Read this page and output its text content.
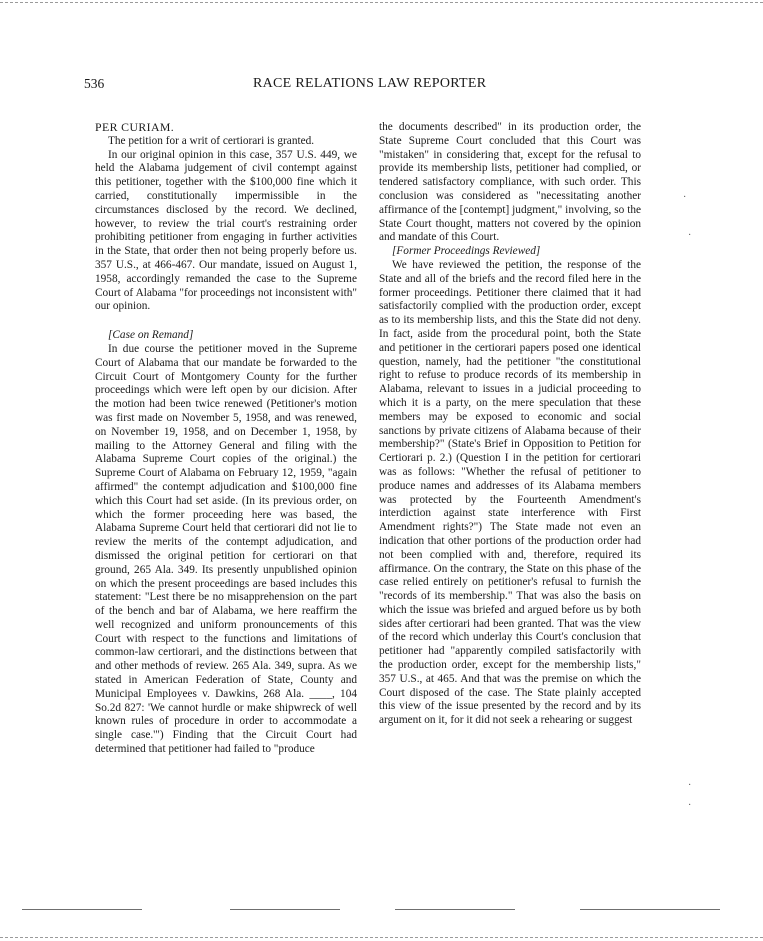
536	RACE RELATIONS LAW REPORTER

PER CURIAM.

The petition for a writ of certiorari is granted.

In our original opinion in this case, 357 U.S. 449, we held the Alabama judgement of civil contempt against this petitioner, together with the $100,000 fine which it carried, constitutionally impermissible in the circumstances disclosed by the record. We declined, however, to review the trial court's restraining order prohibiting petitioner from engaging in further activities in the State, that order then not being properly before us. 357 U.S., at 466-467. Our mandate, issued on August 1, 1958, accordingly remanded the case to the Supreme Court of Alabama "for proceedings not inconsistent with" our opinion.

[Case on Remand]

In due course the petitioner moved in the Supreme Court of Alabama that our mandate be forwarded to the Circuit Court of Montgomery County for the further proceedings which were left open by our dicision. After the motion had been twice renewed (Petitioner's motion was first made on November 5, 1958, and was renewed, on November 19, 1958, and on December 1, 1958, by mailing to the Attorney General and filing with the Alabama Supreme Court copies of the original.) the Supreme Court of Alabama on February 12, 1959, "again affirmed" the contempt adjudication and $100,000 fine which this Court had set aside. (In its previous order, on which the former proceeding here was based, the Alabama Supreme Court held that certiorari did not lie to review the merits of the contempt adjudication, and dismissed the original petition for certiorari on that ground, 265 Ala. 349. Its presently unpublished opinion on which the present proceedings are based includes this statement: "Lest there be no misapprehension on the part of the bench and bar of Alabama, we here reaffirm the well recognized and uniform pronouncements of this Court with respect to the functions and limitations of common-law certiorari, and the distinctions between that and other methods of review. 265 Ala. 349, supra. As we stated in American Federation of State, County and Municipal Employees v. Dawkins, 268 Ala. ____, 104 So.2d 827: 'We cannot hurdle or make shipwreck of well known rules of procedure in order to accommodate a single case.'") Finding that the Circuit Court had determined that petitioner had failed to "produce

the documents described" in its production order, the State Supreme Court concluded that this Court was "mistaken" in considering that, except for the refusal to provide its membership lists, petitioner had complied, or tendered satisfactory compliance, with such order. This conclusion was considered as "necessitating another affirmance of the [contempt] judgment," involving, so the State Court thought, matters not covered by the opinion and mandate of this Court.

[Former Proceedings Reviewed]

We have reviewed the petition, the response of the State and all of the briefs and the record filed here in the former proceedings. Petitioner there claimed that it had satisfactorily complied with the production order, except as to its membership lists, and this the State did not deny. In fact, aside from the procedural point, both the State and petitioner in the certiorari papers posed one identical question, namely, had the petitioner "the constitutional right to refuse to produce records of its membership in Alabama, relevant to issues in a judicial proceeding to which it is a party, on the mere speculation that these members may be exposed to economic and social sanctions by private citizens of Alabama because of their membership?" (State's Brief in Opposition to Petition for Certiorari p. 2.) (Question I in the petition for certiorari was as follows: "Whether the refusal of petitioner to produce names and addresses of its Alabama members was protected by the Fourteenth Amendment's interdiction against state interference with First Amendment rights?") The State made not even an indication that other portions of the production order had not been complied with and, therefore, required its affirmance. On the contrary, the State on this phase of the case relied entirely on petitioner's refusal to furnish the "records of its membership." That was also the basis on which the issue was briefed and argued before us by both sides after certiorari had been granted. That was the view of the record which underlay this Court's conclusion that petitioner had "apparently compiled satisfactorily with the production order, except for the membership lists," 357 U.S., at 465. And that was the premise on which the Court disposed of the case. The State plainly accepted this view of the issue presented by the record and by its argument on it, for it did not seek a rehearing or suggest

·
·
·
·
